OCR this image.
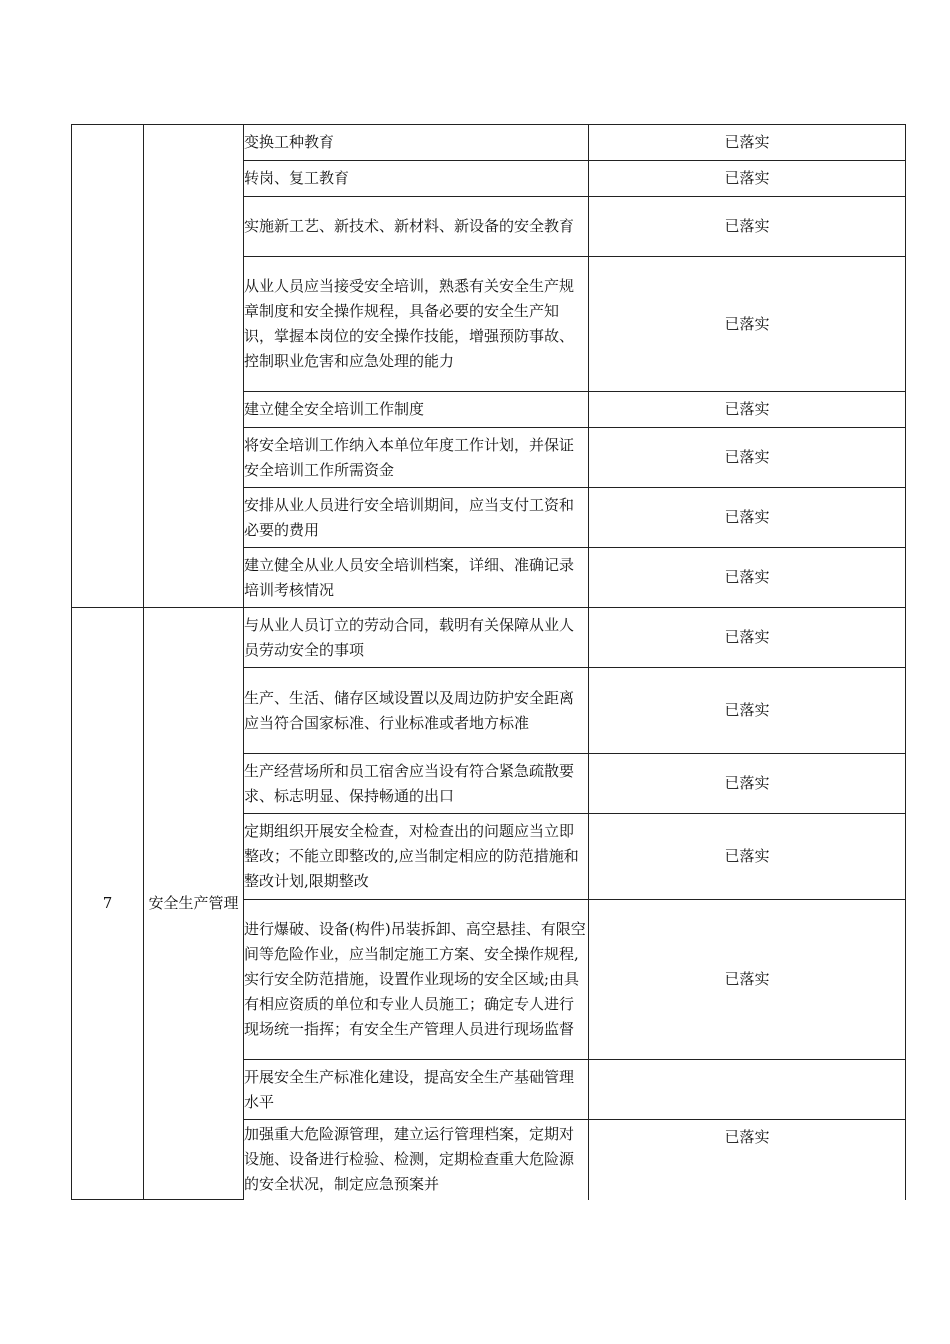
		变换工种教育	已落实
		转岗、复工教育	已落实
		实施新工艺、新技术、新材料、新设备的安全教育	已落实
		从业人员应当接受安全培训，熟悉有关安全生产规章制度和安全操作规程，具备必要的安全生产知识，掌握本岗位的安全操作技能，增强预防事故、控制职业危害和应急处理的能力	已落实
		建立健全安全培训工作制度	已落实
		将安全培训工作纳入本单位年度工作计划，并保证安全培训工作所需资金	已落实
		安排从业人员进行安全培训期间，应当支付工资和必要的费用	已落实
		建立健全从业人员安全培训档案，详细、准确记录培训考核情况	已落实
7	安全生产管理	与从业人员订立的劳动合同，载明有关保障从业人员劳动安全的事项	已落实
		生产、生活、储存区域设置以及周边防护安全距离应当符合国家标准、行业标准或者地方标准	已落实
		生产经营场所和员工宿舍应当设有符合紧急疏散要求、标志明显、保持畅通的出口	已落实
		定期组织开展安全检查，对检查出的问题应当立即整改；不能立即整改的,应当制定相应的防范措施和整改计划,限期整改	已落实
		进行爆破、设备(构件)吊装拆卸、高空悬挂、有限空间等危险作业，应当制定施工方案、安全操作规程,实行安全防范措施，设置作业现场的安全区域;由具有相应资质的单位和专业人员施工；确定专人进行现场统一指挥；有安全生产管理人员进行现场监督	已落实
		开展安全生产标准化建设，提高安全生产基础管理水平	
		加强重大危险源管理，建立运行管理档案，定期对设施、设备进行检验、检测，定期检查重大危险源的安全状况，制定应急预案并	已落实
